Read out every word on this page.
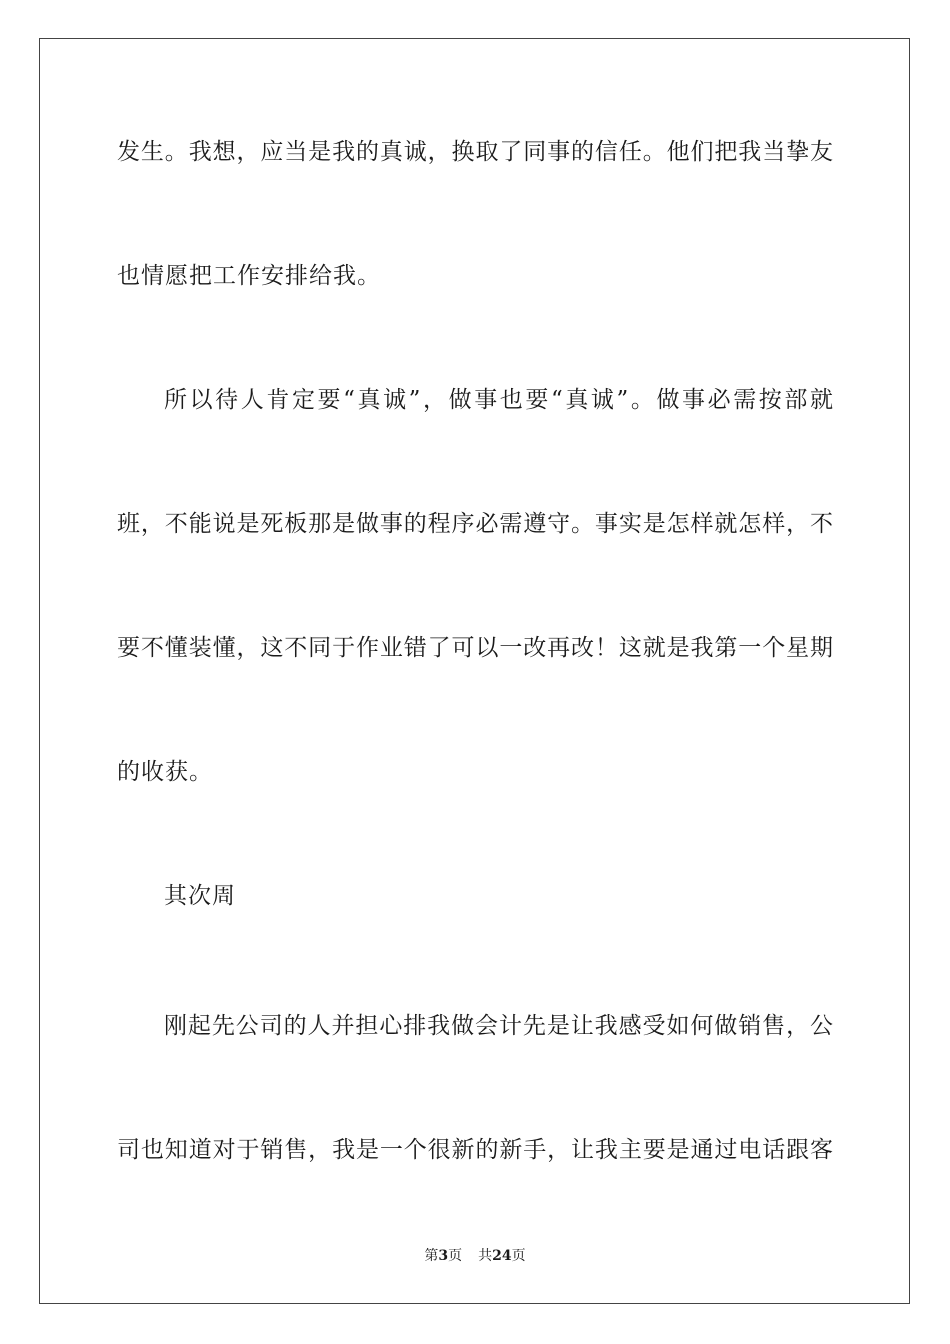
发生。我想，应当是我的真诚，换取了同事的信任。他们把我当挚友
也情愿把工作安排给我。
所以待人肯定要“真诚”，做事也要“真诚”。做事必需按部就
班，不能说是死板那是做事的程序必需遵守。事实是怎样就怎样，不
要不懂装懂，这不同于作业错了可以一改再改！这就是我第一个星期
的收获。
其次周
刚起先公司的人并担心排我做会计先是让我感受如何做销售，公
司也知道对于销售，我是一个很新的新手，让我主要是通过电话跟客
第3页 共24页
